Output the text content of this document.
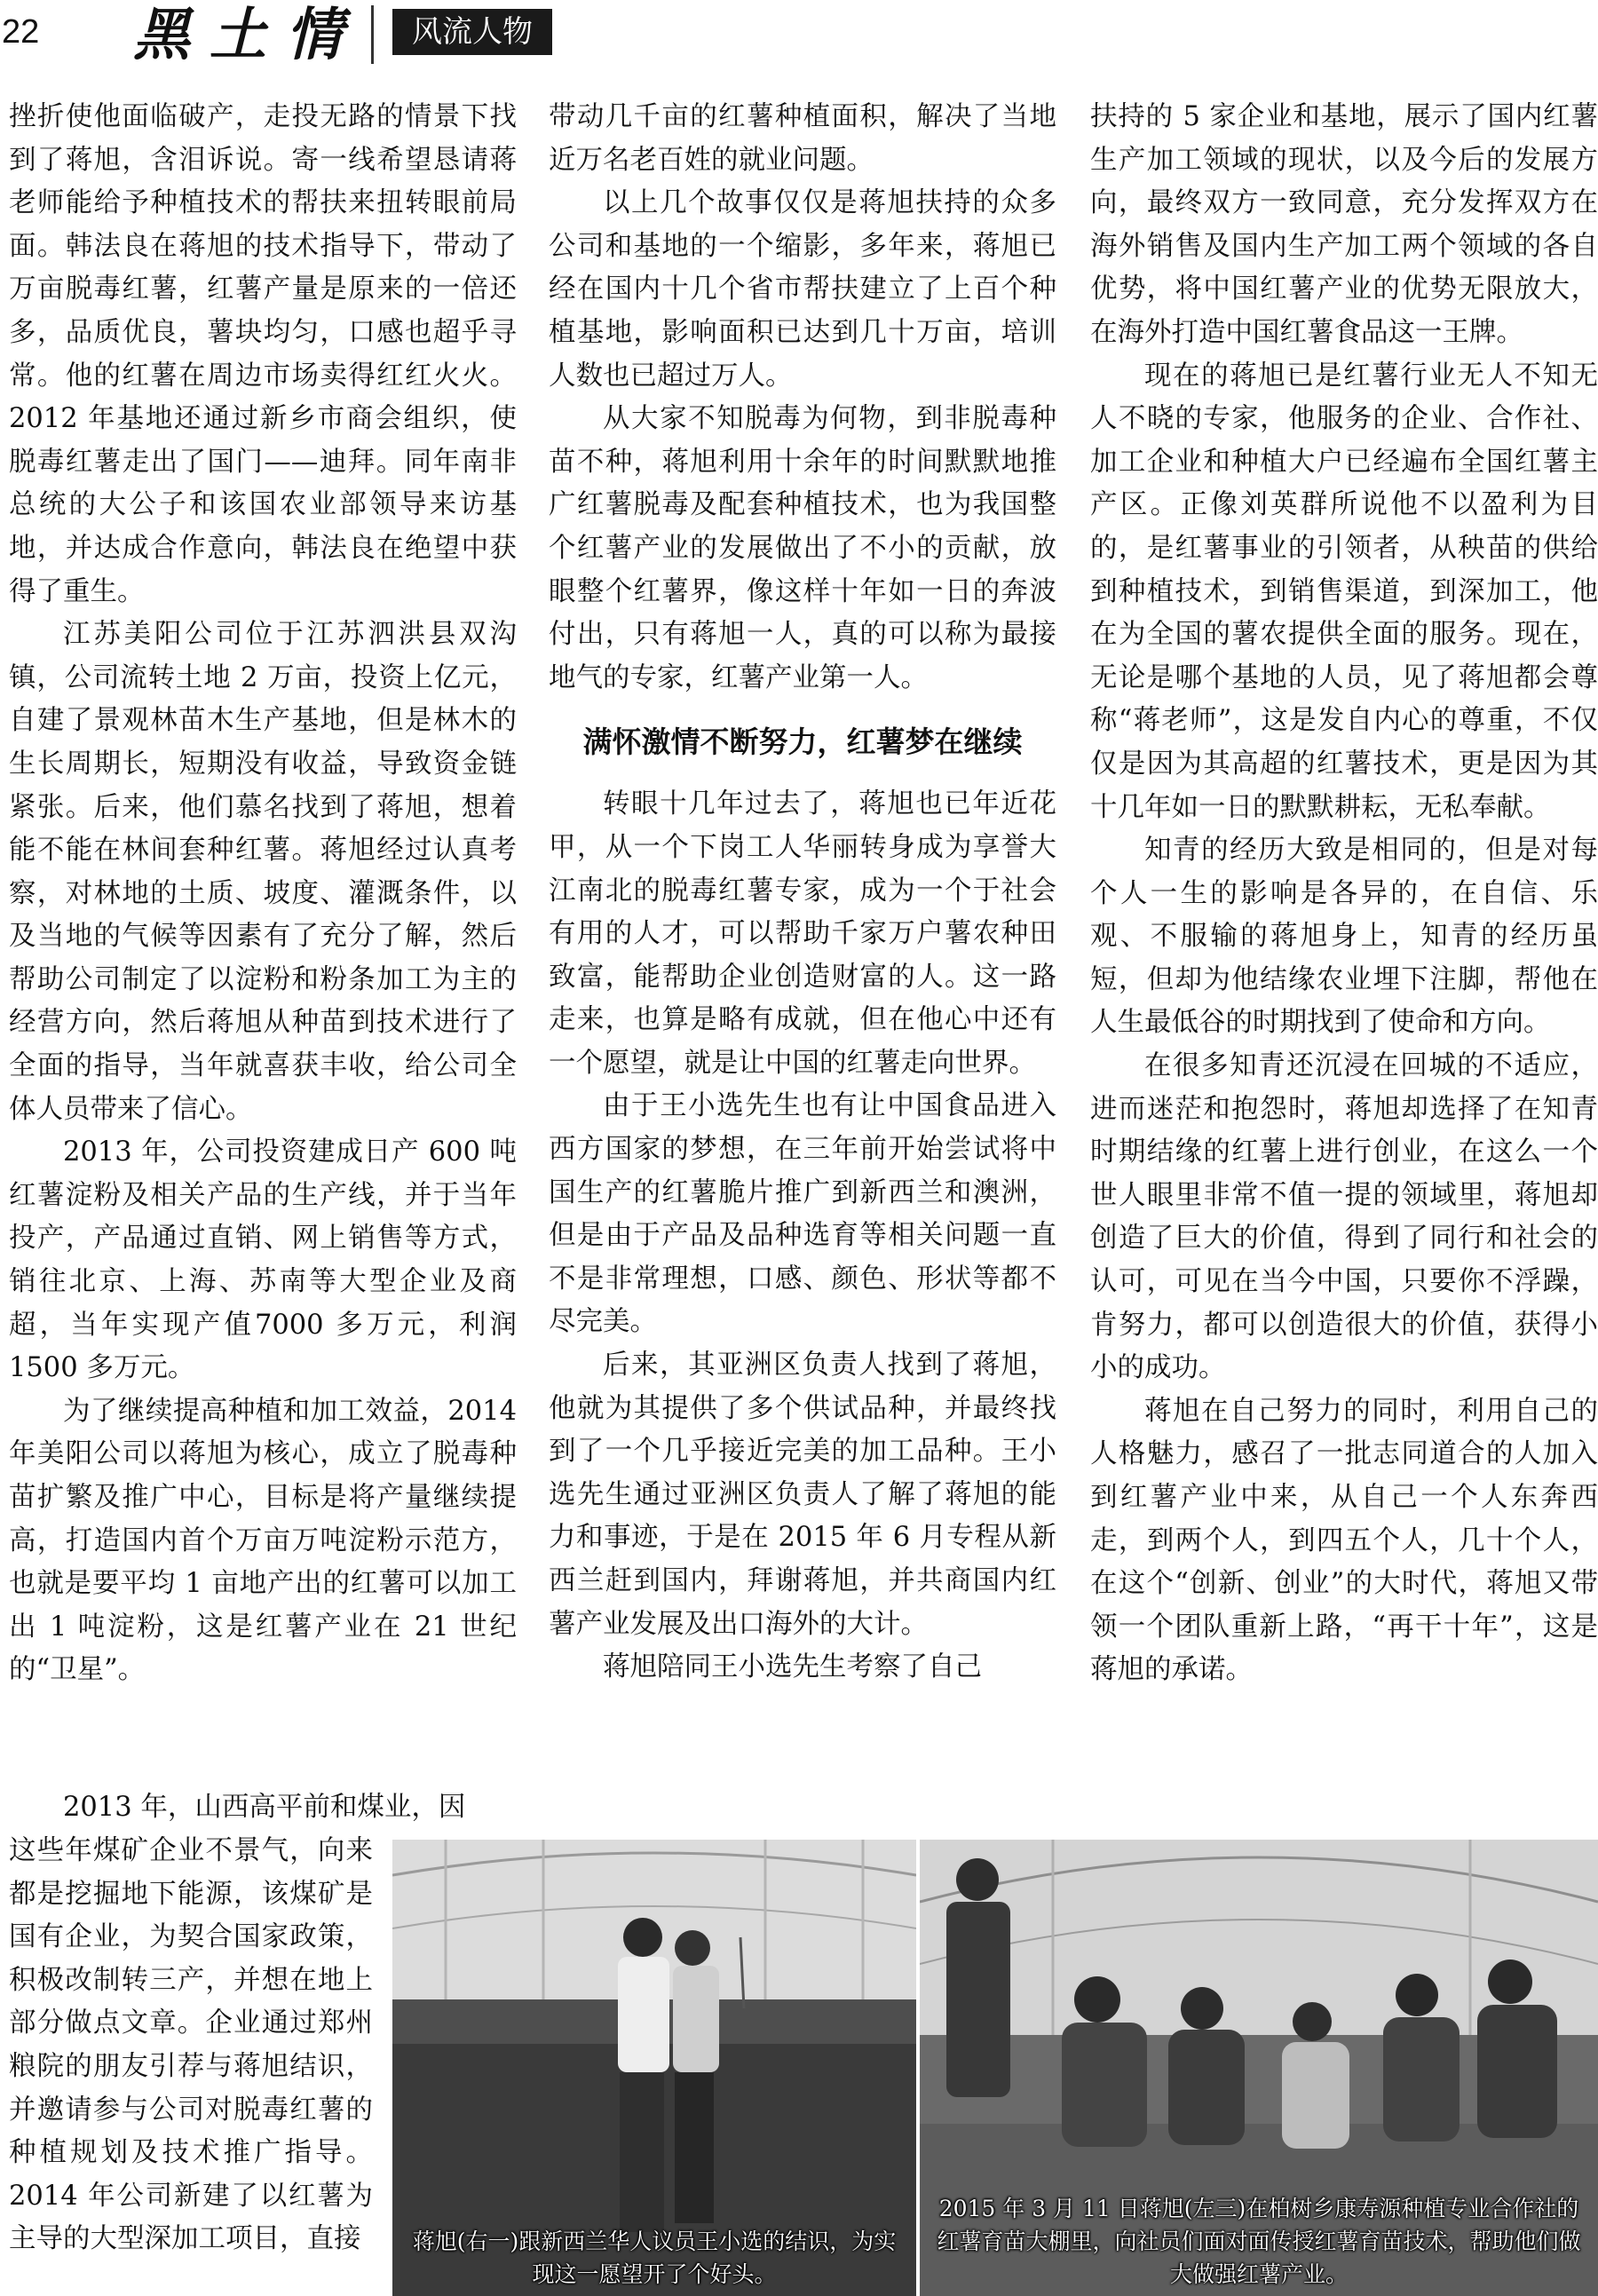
22 黑土情	风流人物

挫折使他面临破产，走投无路的情景下找到了蒋旭，含泪诉说。寄一线希望恳请蒋老师能给予种植技术的帮扶来扭转眼前局面。韩法良在蒋旭的技术指导下，带动了万亩脱毒红薯，红薯产量是原来的一倍还多，品质优良，薯块均匀，口感也超乎寻常。他的红薯在周边市场卖得红红火火。2012 年基地还通过新乡市商会组织，使脱毒红薯走出了国门——迪拜。同年南非总统的大公子和该国农业部领导来访基地，并达成合作意向，韩法良在绝望中获得了重生。

江苏美阳公司位于江苏泗洪县双沟镇，公司流转土地 2 万亩，投资上亿元，自建了景观林苗木生产基地，但是林木的生长周期长，短期没有收益，导致资金链紧张。后来，他们慕名找到了蒋旭，想着能不能在林间套种红薯。蒋旭经过认真考察，对林地的土质、坡度、灌溉条件，以及当地的气候等因素有了充分了解，然后帮助公司制定了以淀粉和粉条加工为主的经营方向，然后蒋旭从种苗到技术进行了全面的指导，当年就喜获丰收，给公司全体人员带来了信心。

2013 年，公司投资建成日产 600 吨红薯淀粉及相关产品的生产线，并于当年投产，产品通过直销、网上销售等方式，销往北京、上海、苏南等大型企业及商超，当年实现产值7000 多万元，利润 1500 多万元。

为了继续提高种植和加工效益，2014 年美阳公司以蒋旭为核心，成立了脱毒种苗扩繁及推广中心，目标是将产量继续提高，打造国内首个万亩万吨淀粉示范方，也就是要平均 1 亩地产出的红薯可以加工出 1 吨淀粉，这是红薯产业在 21 世纪的“卫星”。

2013 年，山西高平前和煤业，因

这些年煤矿企业不景气，向来都是挖掘地下能源，该煤矿是国有企业，为契合国家政策，积极改制转三产，并想在地上部分做点文章。企业通过郑州粮院的朋友引荐与蒋旭结识，并邀请参与公司对脱毒红薯的种植规划及技术推广指导。2014 年公司新建了以红薯为主导的大型深加工项目，直接

带动几千亩的红薯种植面积，解决了当地近万名老百姓的就业问题。

以上几个故事仅仅是蒋旭扶持的众多公司和基地的一个缩影，多年来，蒋旭已经在国内十几个省市帮扶建立了上百个种植基地，影响面积已达到几十万亩，培训人数也已超过万人。

从大家不知脱毒为何物，到非脱毒种苗不种，蒋旭利用十余年的时间默默地推广红薯脱毒及配套种植技术，也为我国整个红薯产业的发展做出了不小的贡献，放眼整个红薯界，像这样十年如一日的奔波付出，只有蒋旭一人，真的可以称为最接地气的专家，红薯产业第一人。

满怀激情不断努力，红薯梦在继续

转眼十几年过去了，蒋旭也已年近花甲，从一个下岗工人华丽转身成为享誉大江南北的脱毒红薯专家，成为一个于社会有用的人才，可以帮助千家万户薯农种田致富，能帮助企业创造财富的人。这一路走来，也算是略有成就，但在他心中还有一个愿望，就是让中国的红薯走向世界。

由于王小选先生也有让中国食品进入西方国家的梦想，在三年前开始尝试将中国生产的红薯脆片推广到新西兰和澳洲，但是由于产品及品种选育等相关问题一直不是非常理想，口感、颜色、形状等都不尽完美。

后来，其亚洲区负责人找到了蒋旭，他就为其提供了多个供试品种，并最终找到了一个几乎接近完美的加工品种。王小选先生通过亚洲区负责人了解了蒋旭的能力和事迹，于是在 2015 年 6 月专程从新西兰赶到国内，拜谢蒋旭，并共商国内红薯产业发展及出口海外的大计。

蒋旭陪同王小选先生考察了自己

扶持的 5 家企业和基地，展示了国内红薯生产加工领域的现状，以及今后的发展方向，最终双方一致同意，充分发挥双方在海外销售及国内生产加工两个领域的各自优势，将中国红薯产业的优势无限放大，在海外打造中国红薯食品这一王牌。

现在的蒋旭已是红薯行业无人不知无人不晓的专家，他服务的企业、合作社、加工企业和种植大户已经遍布全国红薯主产区。正像刘英群所说他不以盈利为目的，是红薯事业的引领者，从秧苗的供给到种植技术，到销售渠道，到深加工，他在为全国的薯农提供全面的服务。现在，无论是哪个基地的人员，见了蒋旭都会尊称“蒋老师”，这是发自内心的尊重，不仅仅是因为其高超的红薯技术，更是因为其十几年如一日的默默耕耘，无私奉献。

知青的经历大致是相同的，但是对每个人一生的影响是各异的，在自信、乐观、不服输的蒋旭身上，知青的经历虽短，但却为他结缘农业埋下注脚，帮他在人生最低谷的时期找到了使命和方向。

在很多知青还沉浸在回城的不适应，进而迷茫和抱怨时，蒋旭却选择了在知青时期结缘的红薯上进行创业，在这么一个世人眼里非常不值一提的领域里，蒋旭却创造了巨大的价值，得到了同行和社会的认可，可见在当今中国，只要你不浮躁，肯努力，都可以创造很大的价值，获得小小的成功。

蒋旭在自己努力的同时，利用自己的人格魅力，感召了一批志同道合的人加入到红薯产业中来，从自己一个人东奔西走，到两个人，到四五个人，几十个人，在这个“创新、创业”的大时代，蒋旭又带领一个团队重新上路，“再干十年”，这是蒋旭的承诺。

蒋旭(右一)跟新西兰华人议员王小选的结识，为实现这一愿望开了个好头。
2015 年 3 月 11 日蒋旭(左三)在柏树乡康寿源种植专业合作社的红薯育苗大棚里，向社员们面对面传授红薯育苗技术，帮助他们做大做强红薯产业。
